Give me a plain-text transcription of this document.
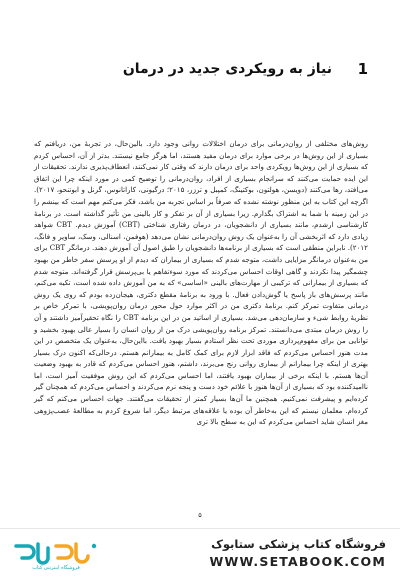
1
نیاز به رویکردی جدید در درمان

روش‌های مختلفی از روان‌درمانی برای درمان اختلالات روانی وجود دارد. بالین‌حال، در تجربهٔ من، دریافتم که بسیاری از این روش‌ها در برخی موارد برای درمان مفید هستند، اما هرگز جامع نیستند. بدتر از آن، احساس کردم که بسیاری از این روش‌ها رویکردی واحد برای درمان دارند که وقتی کار نمی‌کنند، انعطاف‌پذیری ندارند. تحقیقات از این ایده حمایت می‌کنند که سرانجام بسیاری از افراد، روان‌درمانی را توضیح کمی در مورد اینکه چرا این اتفاق می‌افتد، رها می‌کنند (دویسن، هولتون، بوکتینگ، کمپبل و ترزر، ۲۰۱۵؛ درگیونی، کاراتانوس، گرنل و ابوتنحو، ۲۰۱۷). اگرچه این کتاب به این منظور نوشته نشده که صرفاً بر اساس تجربه من باشد، فکر می‌کنم مهم است که بینشم را در این زمینه با شما به اشتراک بگذارم. زیرا بسیاری از آن بر تفکر و کار بالینی من تأثیر گذاشته است. در برنامهٔ کارشناسی ارشدم، مانند بسیاری از دانشجویان، در درمان رفتاری شناختی (CBT) آموزش دیدم. CBT شواهد زیادی دارد که اثربخشی آن را به‌عنوان یک روش روان‌درمانی نشان می‌دهد (هوفمن، اسنالی، وسک، ساویر و فانگ، ۲۰۱۲). نابراین منطقی است که بسیاری از برنامه‌ها دانشجویان را طبق اصول آن آموزش دهند. درمانگر CBT برای من به‌عنوان درمانگر مزایایی داشت، متوجه شدم که بسیاری از بیماران که دیدم از او پرسش سفر خاطر من بهبود چشمگیر پیدا نکردند و گاهی اوقات احساس می‌کردند که مورد سوءتفاهم یا بی‌پرسش قرار گرفته‌اند. متوجه شدم که بسیاری از بیمارانی که ترکیبی از مهارت‌های بالینی «اساسی» که به من آموزش داده شده است، تکیه می‌کنم، مانند پرسش‌های باز پاسخ یا گوش‌دادن فعال. با ورود به برنامهٔ مقطع دکتری، هیجان‌زده بودم که روی یک روش درمانی متفاوت تمرکز کنم. برنامهٔ دکتری من در اکثر موارد حول محور درمان روان‌پویشی، با تمرکز خاص بر نظریهٔ روابط شیء و سازمان‌دهی می‌شد. بسیاری از اساتید من در این برنامه CBT را نگاه تحقیرآمیز داشتند و آن را روش درمان مبتدی می‌دانستند. تمرکز برنامه روان‌پویشی درک من از روان انسان را بسیار عالی بهبود بخشید و توانایی من برای مفهوم‌پردازی موردی تحت نظر استادم بسیار بهبود یافت. بااین‌حال، به‌عنوان یک متخصص در این مدت هنوز احساس می‌کردم که فاقد ابزار لازم برای کمک کامل به بیمارانم هستم. درحالی‌که اکنون درک بسیار بهتری از اینکه چرا بیمارانم از بیماری روانی رنج می‌برند، داشتم، هنوز احساس می‌کردم که قادر به بهبود وضعیت آن‌ها هستم. با اینکه برخی از بیماران بهبود یافتند، اما احساس می‌کردم که این روش موفقیت آمیز است، اما ناامیدکننده بود که بسیاری از آن‌ها هنوز با علائم خود دست و پنجه نرم می‌کردند و احساس می‌کردم که همچنان گیر کرده‌ایم و پیشرفت نمی‌کنیم. همچنین ما آن‌ها بسیار کمتر از تحقیقات می‌گفتند. جهات احساس می‌کنم که گیر کرده‌ام. معلمان نیستم که این به‌خاطر آن بوده یا علاقه‌های مرتبط دیگر، اما شروع کردم به مطالعهٔ عصب‌پژوهی مغز انسان شاید احساس می‌کردم که این به سطح بالا تری

۵
فروشگاه اینترنتی کتاب
فروشگاه کتاب پزشکی ستابوک
WWW.SETABOOK.COM
